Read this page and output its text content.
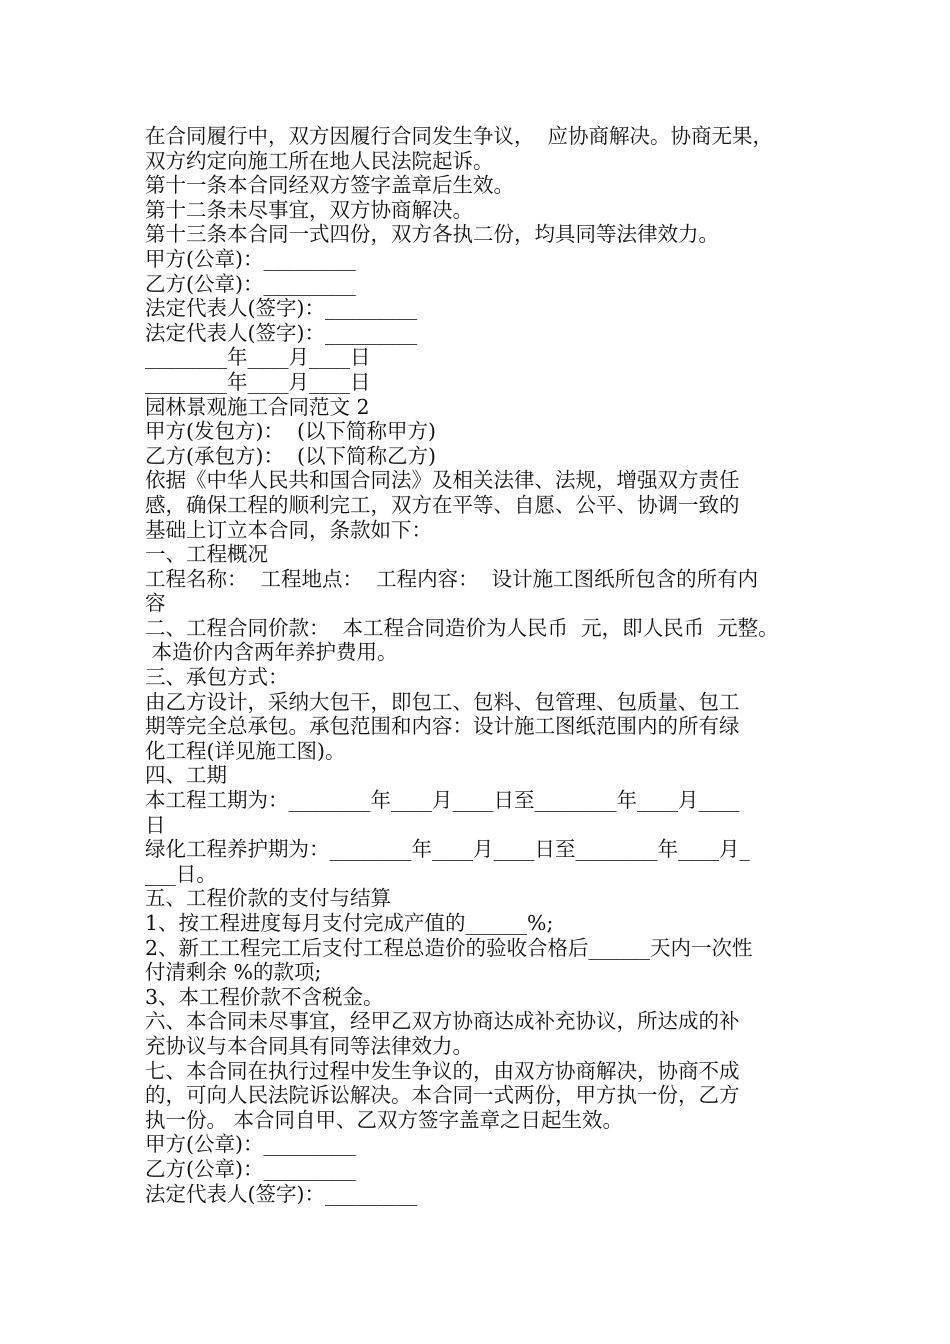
在合同履行中，双方因履行合同发生争议，  应协商解决。协商无果，
双方约定向施工所在地人民法院起诉。
第十一条本合同经双方签字盖章后生效。
第十二条未尽事宜，双方协商解决。
第十三条本合同一式四份，双方各执二份，均具同等法律效力。
甲方(公章)：_________
乙方(公章)：_________
法定代表人(签字)：_________
法定代表人(签字)：_________
________年____月____日
________年____月____日
园林景观施工合同范文 2
甲方(发包方)：  (以下简称甲方)
乙方(承包方)：  (以下简称乙方)
依据《中华人民共和国合同法》及相关法律、法规，增强双方责任
感，确保工程的顺利完工，双方在平等、自愿、公平、协调一致的
基础上订立本合同，条款如下：
一、工程概况
工程名称：  工程地点：  工程内容：  设计施工图纸所包含的所有内
容
二、工程合同价款：  本工程合同造价为人民币  元，即人民币  元整。
本造价内含两年养护费用。
三、承包方式：
由乙方设计，采纳大包干，即包工、包料、包管理、包质量、包工
期等完全总承包。承包范围和内容：设计施工图纸范围内的所有绿
化工程(详见施工图)。
四、工期
本工程工期为：________年____月____日至________年____月____
日
绿化工程养护期为：________年____月____日至________年____月_
___日。
五、工程价款的支付与结算
1、按工程进度每月支付完成产值的______%;
2、新工工程完工后支付工程总造价的验收合格后______天内一次性
付清剩余 %的款项;
3、本工程价款不含税金。
六、本合同未尽事宜，经甲乙双方协商达成补充协议，所达成的补
充协议与本合同具有同等法律效力。
七、本合同在执行过程中发生争议的，由双方协商解决，协商不成
的，可向人民法院诉讼解决。本合同一式两份，甲方执一份，乙方
执一份。 本合同自甲、乙双方签字盖章之日起生效。
甲方(公章)：_________
乙方(公章)：_________
法定代表人(签字)：_________
